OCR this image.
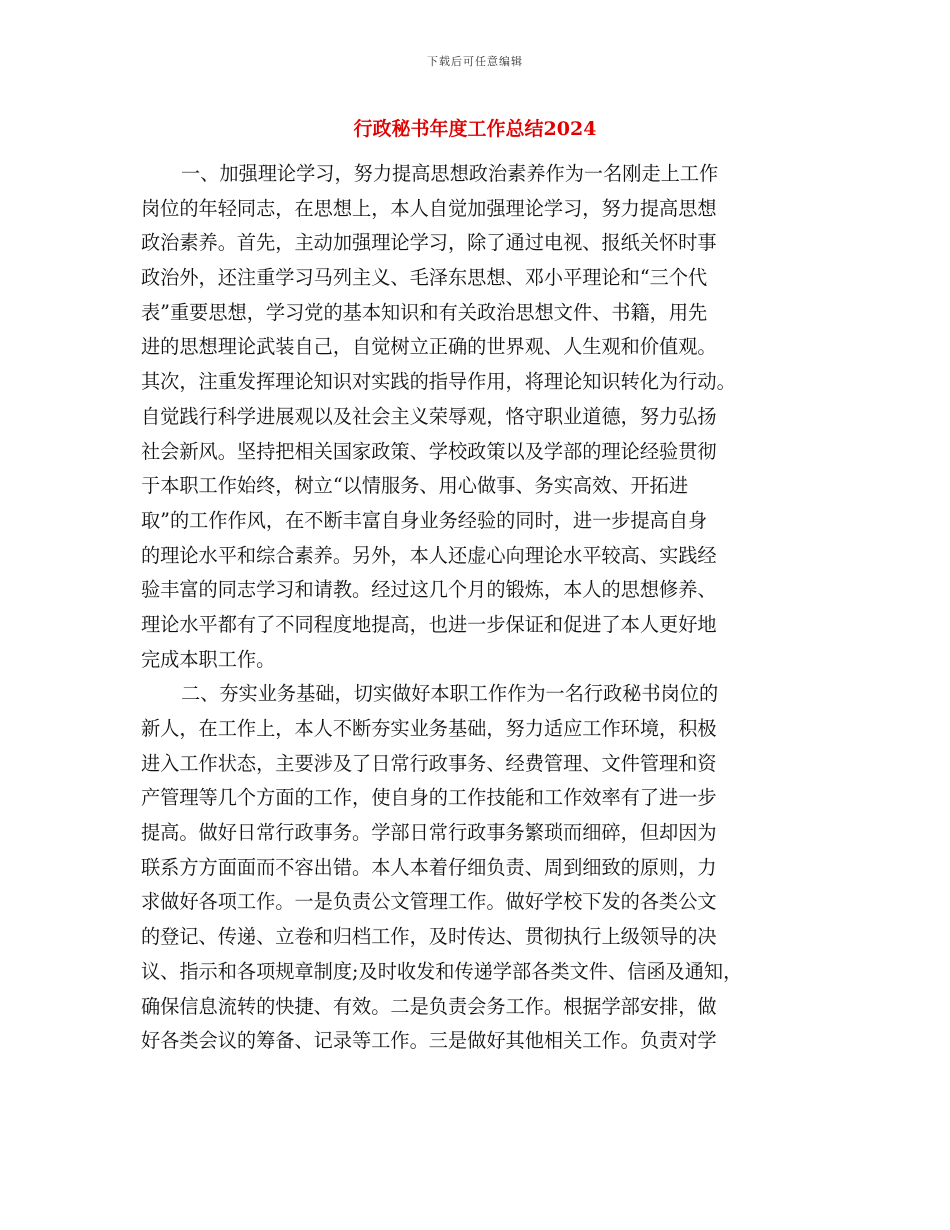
下载后可任意编辑
行政秘书年度工作总结2024
一、加强理论学习，努力提高思想政治素养作为一名刚走上工作
岗位的年轻同志，在思想上，本人自觉加强理论学习，努力提高思想
政治素养。首先，主动加强理论学习，除了通过电视、报纸关怀时事
政治外，还注重学习马列主义、毛泽东思想、邓小平理论和“三个代
表”重要思想，学习党的基本知识和有关政治思想文件、书籍，用先
进的思想理论武装自己，自觉树立正确的世界观、人生观和价值观。
其次，注重发挥理论知识对实践的指导作用，将理论知识转化为行动。
自觉践行科学进展观以及社会主义荣辱观，恪守职业道德，努力弘扬
社会新风。坚持把相关国家政策、学校政策以及学部的理论经验贯彻
于本职工作始终，树立“以情服务、用心做事、务实高效、开拓进
取”的工作作风，在不断丰富自身业务经验的同时，进一步提高自身
的理论水平和综合素养。另外，本人还虚心向理论水平较高、实践经
验丰富的同志学习和请教。经过这几个月的锻炼，本人的思想修养、
理论水平都有了不同程度地提高，也进一步保证和促进了本人更好地
完成本职工作。
二、夯实业务基础，切实做好本职工作作为一名行政秘书岗位的
新人，在工作上，本人不断夯实业务基础，努力适应工作环境，积极
进入工作状态，主要涉及了日常行政事务、经费管理、文件管理和资
产管理等几个方面的工作，使自身的工作技能和工作效率有了进一步
提高。做好日常行政事务。学部日常行政事务繁琐而细碎，但却因为
联系方方面面而不容出错。本人本着仔细负责、周到细致的原则，力
求做好各项工作。一是负责公文管理工作。做好学校下发的各类公文
的登记、传递、立卷和归档工作，及时传达、贯彻执行上级领导的决
议、指示和各项规章制度;及时收发和传递学部各类文件、信函及通知，
确保信息流转的快捷、有效。二是负责会务工作。根据学部安排，做
好各类会议的筹备、记录等工作。三是做好其他相关工作。负责对学
